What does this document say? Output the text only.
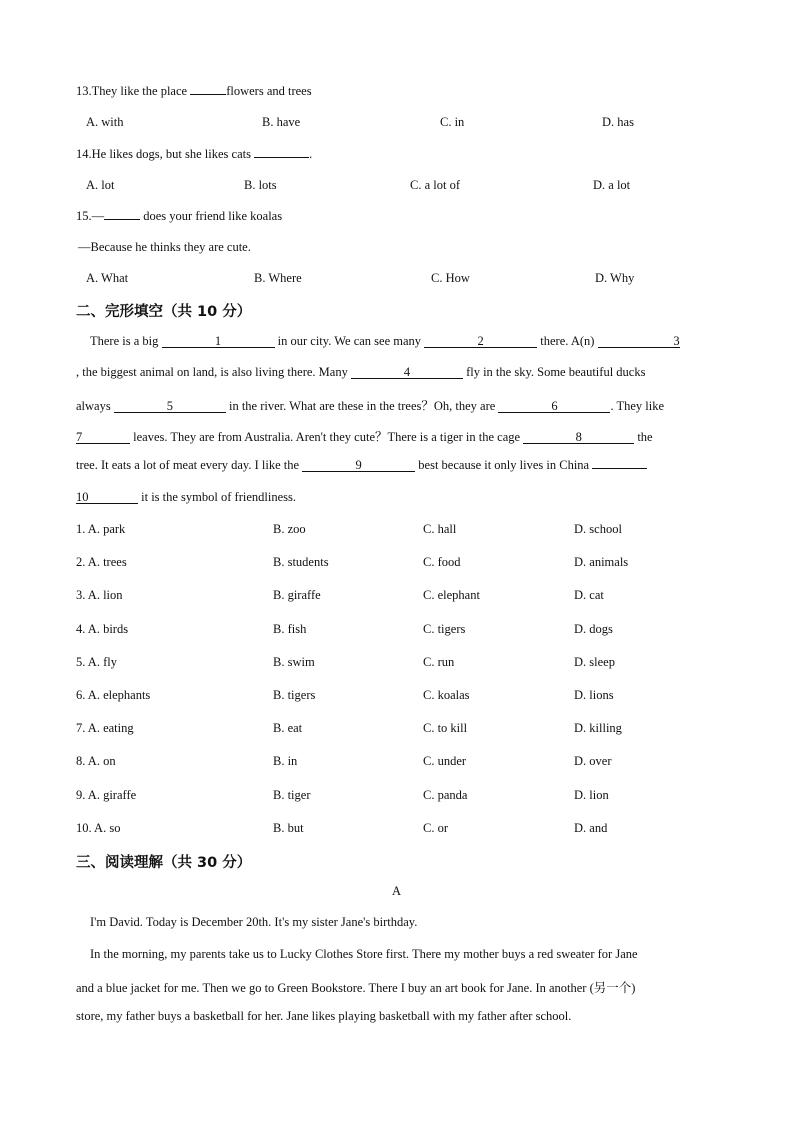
13.They like the place	flowers and trees
A. with	B. have	C. in	D. has
14.He likes dogs, but she likes cats	.
A. lot	B. lots	C. a lot of	D. a lot
15.—	does your friend like koalas
—Because he thinks they are cute.
A. What	B. Where	C. How	D. Why
二、完形填空（共 10 分）
There is a big	1	in our city. We can see many	2	there. A(n)	3
, the biggest animal on land, is also living there. Many	4	fly in the sky. Some beautiful ducks
always	5	in the river. What are these in the trees？Oh, they are	6	. They like
7	leaves. They are from Australia. Aren't they cute？There is a tiger in the cage	8	the
tree. It eats a lot of meat every day. I like the	9	best because it only lives in China
10	it is the symbol of friendliness.
1. A. park	B. zoo	C. hall	D. school
2. A. trees	B. students	C. food	D. animals
3. A. lion	B. giraffe	C. elephant	D. cat
4. A. birds	B. fish	C. tigers	D. dogs
5. A. fly	B. swim	C. run	D. sleep
6. A. elephants	B. tigers	C. koalas	D. lions
7. A. eating	B. eat	C. to kill	D. killing
8. A. on	B. in	C. under	D. over
9. A. giraffe	B. tiger	C. panda	D. lion
10. A. so	B. but	C. or	D. and
三、阅读理解（共 30 分）
A
I'm David. Today is December 20th. It's my sister Jane's birthday.
In the morning, my parents take us to Lucky Clothes Store first. There my mother buys a red sweater for Jane
and a blue jacket for me. Then we go to Green Bookstore. There I buy an art book for Jane. In another (另一个)
store, my father buys a basketball for her. Jane likes playing basketball with my father after school.
